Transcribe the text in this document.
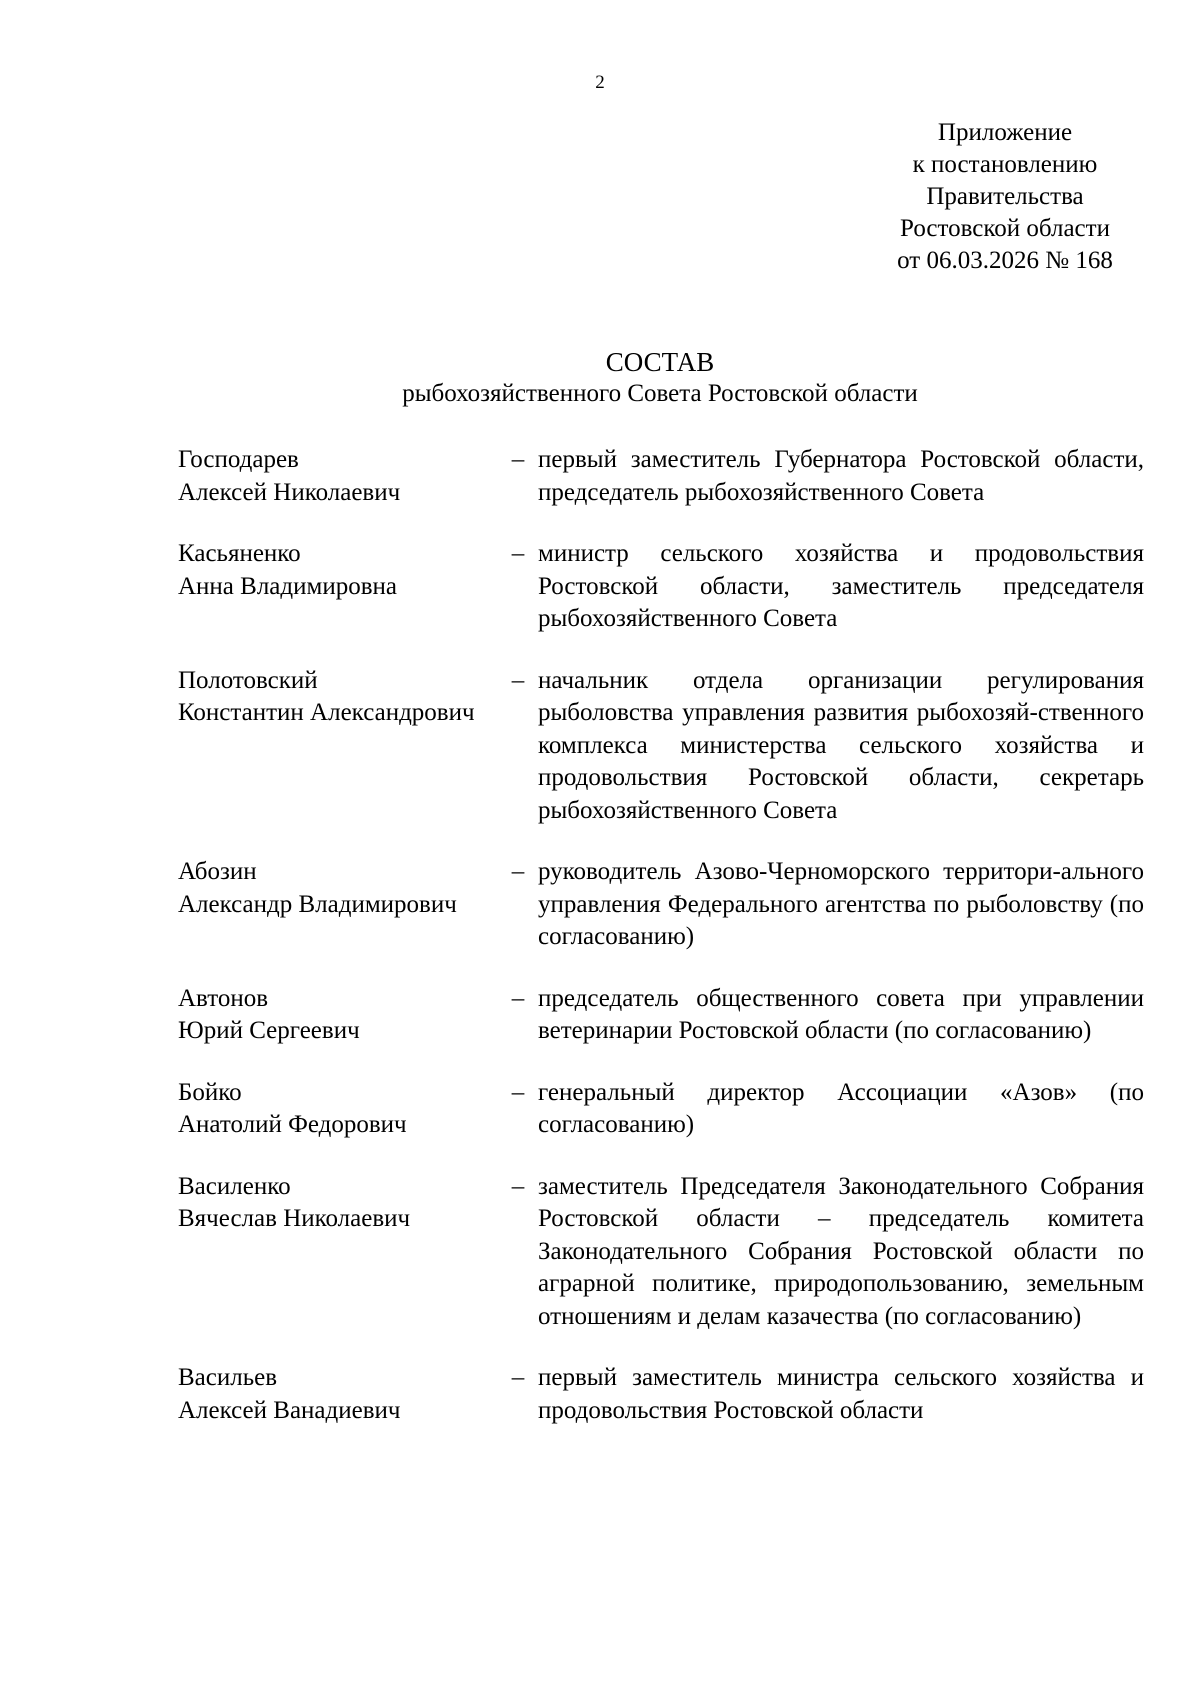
2
Приложение
к постановлению
Правительства
Ростовской области
от 06.03.2026 № 168
СОСТАВ
рыбохозяйственного Совета Ростовской области
Господарев
Алексей Николаевич
– первый заместитель Губернатора Ростовской области, председатель рыбохозяйственного Совета
Касьяненко
Анна Владимировна
– министр сельского хозяйства и продовольствия Ростовской области, заместитель председателя рыбохозяйственного Совета
Полотовский
Константин Александрович
– начальник отдела организации регулирования рыболовства управления развития рыбохозяй-ственного комплекса министерства сельского хозяйства и продовольствия Ростовской области, секретарь рыбохозяйственного Совета
Абозин
Александр Владимирович
– руководитель Азово-Черноморского территори-ального управления Федерального агентства по рыболовству (по согласованию)
Автонов
Юрий Сергеевич
– председатель общественного совета при управлении ветеринарии Ростовской области (по согласованию)
Бойко
Анатолий Федорович
– генеральный директор Ассоциации «Азов» (по согласованию)
Василенко
Вячеслав Николаевич
– заместитель Председателя Законодательного Собрания Ростовской области – председатель комитета Законодательного Собрания Ростовской области по аграрной политике, природопользованию, земельным отношениям и делам казачества (по согласованию)
Васильев
Алексей Ванадиевич
– первый заместитель министра сельского хозяйства и продовольствия Ростовской области
